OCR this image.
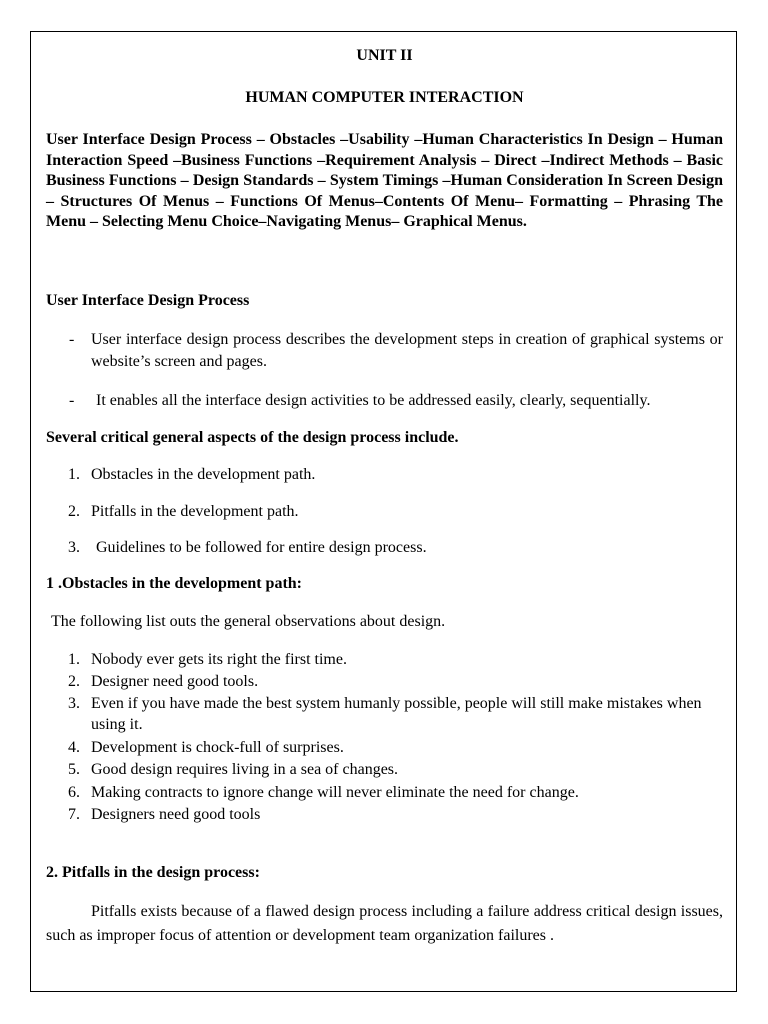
UNIT II
HUMAN COMPUTER INTERACTION
User Interface Design Process – Obstacles –Usability –Human Characteristics In Design – Human Interaction Speed –Business Functions –Requirement Analysis – Direct –Indirect Methods – Basic Business Functions – Design Standards – System Timings –Human Consideration In Screen Design – Structures Of Menus – Functions Of Menus–Contents Of Menu– Formatting – Phrasing The Menu – Selecting Menu Choice–Navigating Menus– Graphical Menus.
User Interface Design Process
- User interface design process describes the development steps in creation of graphical systems or website’s screen and pages.
- It enables all the interface design activities to be addressed easily, clearly, sequentially.
Several critical general aspects of the design process include.
1. Obstacles in the development path.
2. Pitfalls in the development path.
3. Guidelines to be followed for entire design process.
1 .Obstacles in the development path:
The following list outs the general observations about design.
1. Nobody ever gets its right the first time.
2. Designer need good tools.
3. Even if you have made the best system humanly possible, people will still make mistakes when using it.
4. Development is chock-full of surprises.
5. Good design requires living in a sea of changes.
6. Making contracts to ignore change will never eliminate the need for change.
7. Designers need good tools
2. Pitfalls in the design process:
Pitfalls exists because of a flawed design process including a failure address critical design issues, such as improper focus of attention or development team organization failures .
